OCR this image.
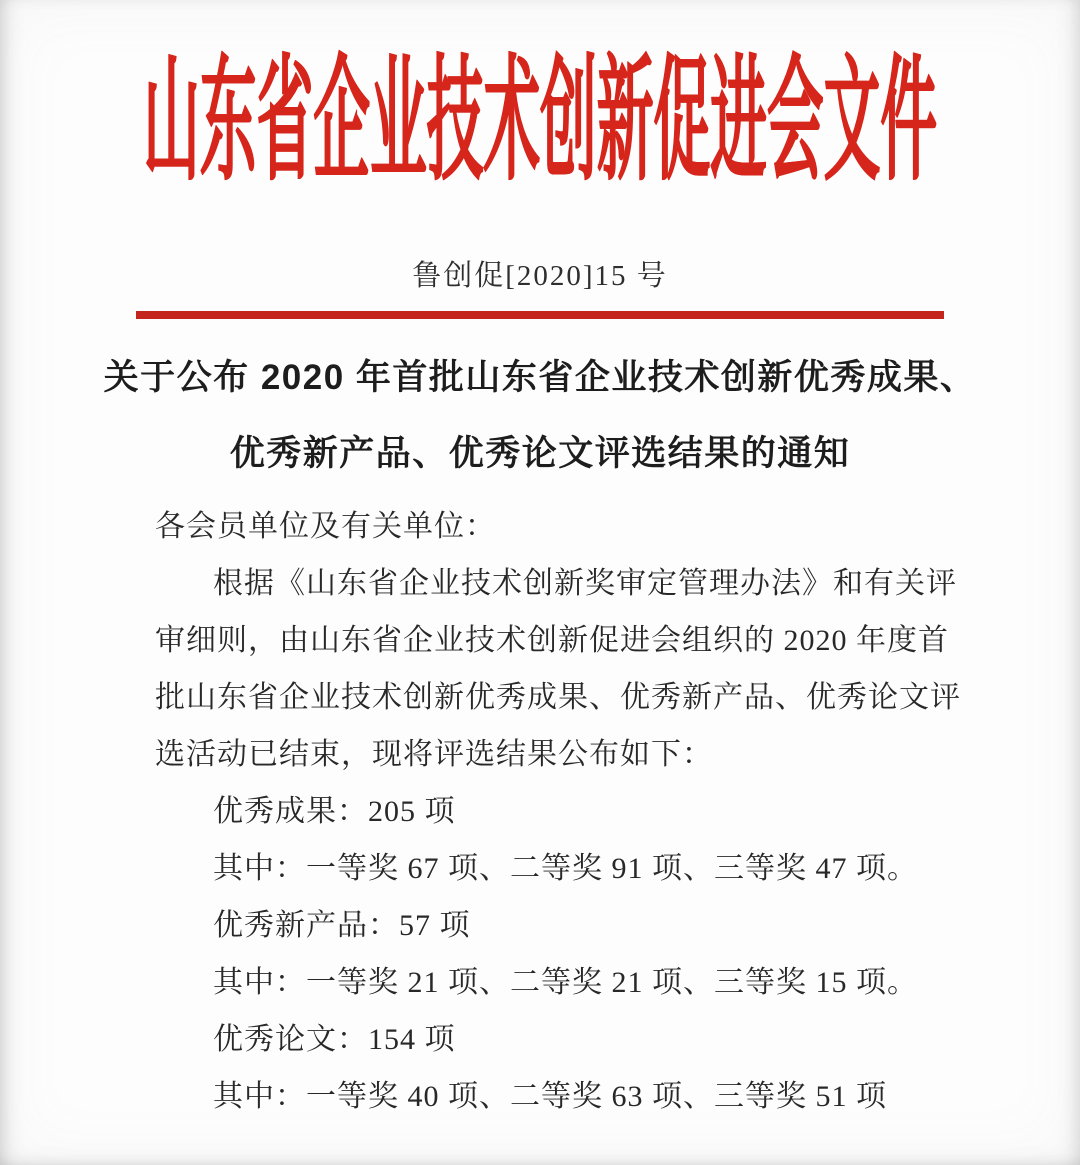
山东省企业技术创新促进会文件
鲁创促[2020]15 号
关于公布 2020 年首批山东省企业技术创新优秀成果、
优秀新产品、优秀论文评选结果的通知
各会员单位及有关单位：
根据《山东省企业技术创新奖审定管理办法》和有关评
审细则，由山东省企业技术创新促进会组织的 2020 年度首
批山东省企业技术创新优秀成果、优秀新产品、优秀论文评
选活动已结束，现将评选结果公布如下：
优秀成果：205 项
其中：一等奖 67 项、二等奖 91 项、三等奖 47 项。
优秀新产品：57 项
其中：一等奖 21 项、二等奖 21 项、三等奖 15 项。
优秀论文：154 项
其中：一等奖 40 项、二等奖 63 项、三等奖 51 项
